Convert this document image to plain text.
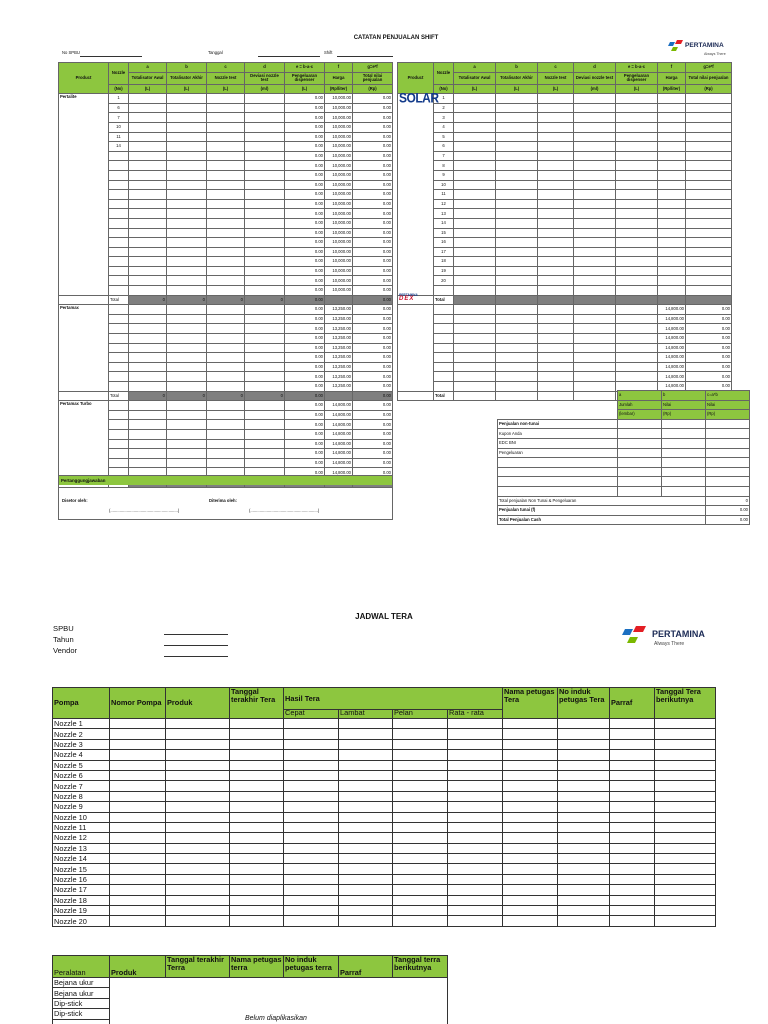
CATATAN PENJUALAN SHIFT
No SPBU	Tanggal	Shift
PERTAMINA
Always There
Product	Nozzle	a	b	c	d	e = b-a-c	f	g=e*f
		Totalisator Awal	Totalisator Akhir	Nozzle test	Deviasi nozzle test	Pengeluaran dispenser	Harga	Total nilai penjualan
	(No)	(L)	(L)	(L)	(ml)	(L)	(Rp/liter)	(Rp)
Pertalite	1					0.00	10,000.00	0.00
	6					0.00	10,000.00	0.00
	7					0.00	10,000.00	0.00
	10					0.00	10,000.00	0.00
	11					0.00	10,000.00	0.00
	14					0.00	10,000.00	0.00
						0.00	10,000.00	0.00
						0.00	10,000.00	0.00
						0.00	10,000.00	0.00
						0.00	10,000.00	0.00
						0.00	10,000.00	0.00
						0.00	10,000.00	0.00
						0.00	10,000.00	0.00
						0.00	10,000.00	0.00
						0.00	10,000.00	0.00
						0.00	10,000.00	0.00
						0.00	10,000.00	0.00
						0.00	10,000.00	0.00
						0.00	10,000.00	0.00
						0.00	10,000.00	0.00
						0.00	10,000.00	0.00
	Total	0	0	0	0	0.00		0.00
Pertamax						0.00	13,250.00	0.00
						0.00	13,250.00	0.00
						0.00	13,250.00	0.00
						0.00	13,250.00	0.00
						0.00	13,250.00	0.00
						0.00	13,250.00	0.00
						0.00	13,250.00	0.00
						0.00	13,250.00	0.00
						0.00	13,250.00	0.00
	Total	0	0	0	0	0.00		0.00
Pertamax Turbo						0.00	14,800.00	0.00
						0.00	14,800.00	0.00
						0.00	14,800.00	0.00
						0.00	14,800.00	0.00
						0.00	14,800.00	0.00
						0.00	14,800.00	0.00
						0.00	14,800.00	0.00
						0.00	14,800.00	0.00

Product	Nozzle	a	b	c	d	e = b-a-c	f	g=e*f
		Totalisator Awal	Totalisator Akhir	Nozzle test	Deviasi nozzle test	Pengeluaran dispenser	Harga	Total nilai penjualan
	(No)	(L)	(L)	(L)	(ml)	(L)	(Rp/liter)	(Rp)
	1							
	2							
	3							
	4							
	5							
	6							
	7							
	8							
	9							
	10							
	11							
	12							
	13							
	14							
	15							
	16							
	17							
	18							
	19							
	20							

	Total							
							14,800.00	0.00
							14,800.00	0.00
							14,800.00	0.00
							14,800.00	0.00
							14,800.00	0.00
							14,800.00	0.00
							14,800.00	0.00
							14,800.00	0.00
							14,800.00	0.00
	Total							
SOLAR
PERTAMINA
DEX
	a	b	c=a*b
	Jumlah	Nilai	Nilai
	(lembar)	(Rp)	(Rp)
Penjualan non-tunai			
Kupon Anda			
EDC BNI			
Pengeluaran			

Total penjualan Non Tunai & Pengeluaran			0
Penjualan tunai (f)			0.00
Total Penjualan Cash			0.00
Pertanggungjawaban
Disetor oleh:	Diterima oleh:
(..........................................................)	(..........................................................)
JADWAL TERA
SPBU
Tahun
Vendor
PERTAMINA
Always There
Pompa	Nomor Pompa	Produk	Tanggal terakhir Tera	Hasil Tera				Nama petugas Tera	No induk petugas Tera	Parraf	Tanggal Tera berikutnya
				Cepat	Lambat	Pelan	Rata - rata				
Nozzle 1											
Nozzle 2											
Nozzle 3											
Nozzle 4											
Nozzle 5											
Nozzle 6											
Nozzle 7											
Nozzle 8											
Nozzle 9											
Nozzle 10											
Nozzle 11											
Nozzle 12											
Nozzle 13											
Nozzle 14											
Nozzle 15											
Nozzle 16											
Nozzle 17											
Nozzle 18											
Nozzle 19											
Nozzle 20											
Peralatan	Produk	Tanggal terakhir Terra	Nama petugas terra	No induk petugas terra	Parraf	Tanggal terra berikutnya
Bejana ukur						
Bejana ukur						
Dip-stick						
Dip-stick						

Belum diaplikasikan
